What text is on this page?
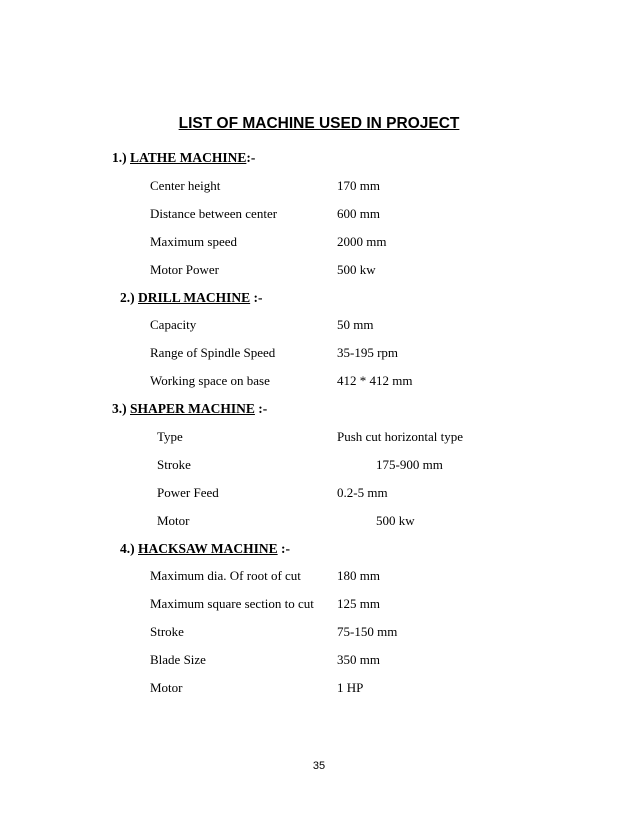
LIST OF MACHINE USED IN PROJECT
1.) LATHE MACHINE:-
Center height	170 mm
Distance between center	600 mm
Maximum speed	2000 mm
Motor Power	500 kw
2.) DRILL MACHINE :-
Capacity	50 mm
Range of Spindle Speed	35-195 rpm
Working space on base	412 * 412 mm
3.) SHAPER MACHINE :-
Type	Push cut horizontal type
Stroke	175-900 mm
Power Feed	0.2-5 mm
Motor	500 kw
4.) HACKSAW MACHINE :-
Maximum dia. Of root of cut	180 mm
Maximum square section to cut 125 mm
Stroke	75-150 mm
Blade Size	350 mm
Motor	1 HP
35
